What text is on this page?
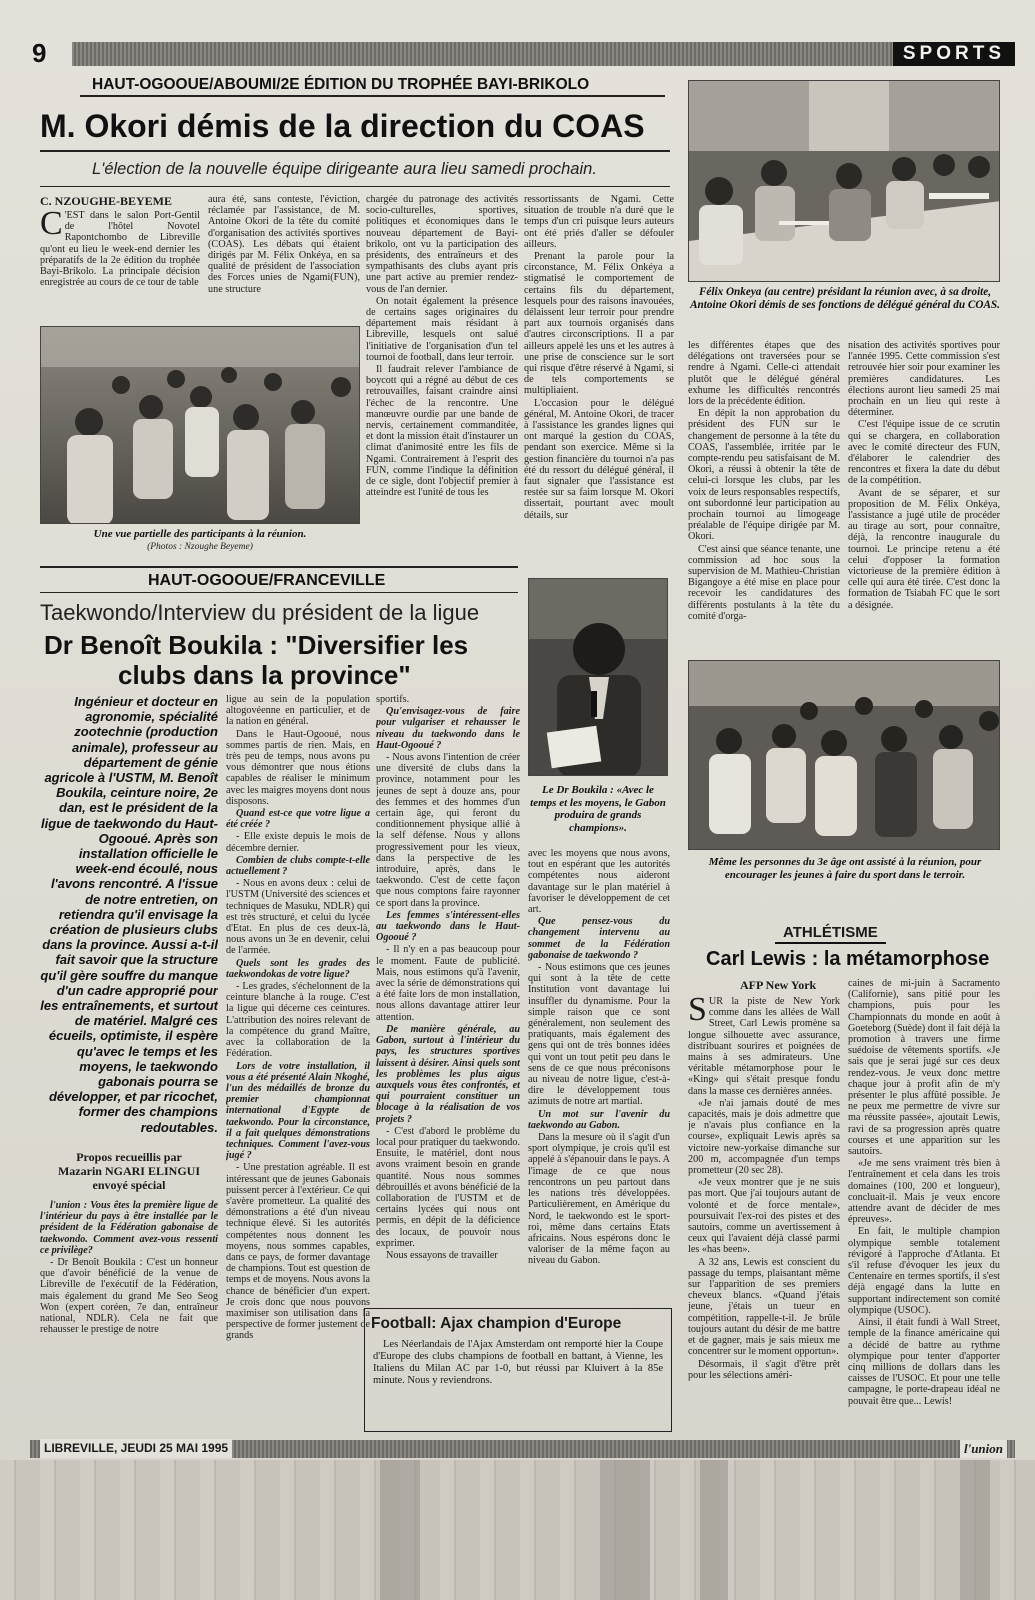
9	SPORTS
HAUT-OGOOUE/ABOUMI/2E ÉDITION DU TROPHÉE BAYI-BRIKOLO
M. Okori démis de la direction du COAS
L'élection de la nouvelle équipe dirigeante aura lieu samedi prochain.
C. NZOUGHE-BEYEME
C 'EST dans le salon Port-Gentil de l'hôtel Novotel Rapontchombo de Libreville qu'ont eu lieu le week-end dernier les préparatifs de la 2e édition du trophée Bayi-Brikolo. La principale décision enregistrée au cours de ce tour de table

aura été, sans conteste, l'éviction, réclamée par l'assistance, de M. Antoine Okori de la tête du comité d'organisation des activités sportives (COAS). Les débats qui étaient dirigés par M. Félix Onkéya, en sa qualité de président de l'association des Forces unies de Ngami(FUN), une structure

Une vue partielle des participants à la réunion.
(Photos : Nzoughe Beyeme)

chargée du patronage des activités socio-culturelles, sportives, politiques et économiques dans le nouveau département de Bayi-brikolo, ont vu la participation des présidents, des entraîneurs et des sympathisants des clubs ayant pris une part active au premier rendez-vous de l'an dernier.

On notait également la présence de certains sages originaires du département mais résidant à Libreville, lesquels ont salué l'initiative de l'organisation d'un tel tournoi de football, dans leur terroir.

Il faudrait relever l'ambiance de boycott qui a régné au début de ces retrouvailles, faisant craindre ainsi l'échec de la rencontre. Une manœuvre ourdie par une bande de nervis, certainement commanditée, et dont la mission était d'instaurer un climat d'animosité entre les fils de Ngami. Contrairement à l'esprit des FUN, comme l'indique la définition de ce sigle, dont l'objectif premier à atteindre est l'unité de tous les

ressortissants de Ngami. Cette situation de trouble n'a duré que le temps d'un cri puisque leurs auteurs ont été priés d'aller se défouler ailleurs.

Prenant la parole pour la circonstance, M. Félix Onkéya a stigmatisé le comportement de certains fils du département, lesquels pour des raisons inavouées, délaissent leur terroir pour prendre part aux tournois organisés dans d'autres circonscriptions. Il a par ailleurs appelé les uns et les autres à une prise de conscience sur le sort qui risque d'être réservé à Ngami, si de tels comportements se multipliaient.

L'occasion pour le délégué général, M. Antoine Okori, de tracer à l'assistance les grandes lignes qui ont marqué la gestion du COAS, pendant son exercice. Même si la gestion financière du tournoi n'a pas été du ressort du délégué général, il faut signaler que l'assistance est restée sur sa faim lorsque M. Okori dissertait, pourtant avec moult détails, sur

Félix Onkeya (au centre) présidant la réunion avec, à sa droite, Antoine Okori démis de ses fonctions de délégué général du COAS.

les différentes étapes que des délégations ont traversées pour se rendre à Ngami. Celle-ci attendait plutôt que le délégué général exhume les difficultés rencontrés lors de la précédente édition.

En dépit la non approbation du président des FUN sur le changement de personne à la tête du COAS, l'assemblée, irritée par le compte-rendu peu satisfaisant de M. Okori, a réussi à obtenir la tête de celui-ci lorsque les clubs, par les voix de leurs responsables respectifs, ont subordonné leur participation au prochain tournoi au limogeage préalable de l'équipe dirigée par M. Okori.

C'est ainsi que séance tenante, une commission ad hoc sous la supervision de M. Mathieu-Christian Bigangoye a été mise en place pour recevoir les candidatures des différents postulants à la tête du comité d'orga-

nisation des activités sportives pour l'année 1995. Cette commission s'est retrouvée hier soir pour examiner les premières candidatures. Les élections auront lieu samedi 25 mai prochain en un lieu qui reste à déterminer.

C'est l'équipe issue de ce scrutin qui se chargera, en collaboration avec le comité directeur des FUN, d'élaborer le calendrier des rencontres et fixera la date du début de la compétition.

Avant de se séparer, et sur proposition de M. Félix Onkéya, l'assistance a jugé utile de procéder au tirage au sort, pour connaître, déjà, la rencontre inaugurale du tournoi. Le principe retenu a été celui d'opposer la formation victorieuse de la première édition à celle qui aura été tirée. C'est donc la formation de Tsiabah FC que le sort a désignée.

Même les personnes du 3e âge ont assisté à la réunion, pour encourager les jeunes à faire du sport dans le terroir.
HAUT-OGOOUE/FRANCEVILLE
Taekwondo/Interview du président de la ligue
Dr Benoît Boukila : "Diversifier les
clubs dans la province"
Ingénieur et docteur en agronomie, spécialité zootechnie (production animale), professeur au département de génie agricole à l'USTM, M. Benoît Boukila, ceinture noire, 2e dan, est le président de la ligue de taekwondo du Haut-Ogooué. Après son installation officielle le week-end écoulé, nous l'avons rencontré. A l'issue de notre entretien, on retiendra qu'il envisage la création de plusieurs clubs dans la province. Aussi a-t-il fait savoir que la structure qu'il gère souffre du manque d'un cadre approprié pour les entraînements, et surtout de matériel. Malgré ces écueils, optimiste, il espère qu'avec le temps et les moyens, le taekwondo gabonais pourra se développer, et par ricochet, former des champions redoutables.
Propos recueillis par
Mazarin NGARI ELINGUI
envoyé spécial

l'union : Vous êtes la première ligue de l'intérieur du pays à être installée par le président de la Fédération gabonaise de taekwondo. Comment avez-vous ressenti ce privilège?

- Dr Benoît Boukila : C'est un honneur que d'avoir bénéficié de la venue de Libreville de l'exécutif de la Fédération, mais également du grand Me Seo Seog Won (expert coréen, 7e dan, entraîneur national, NDLR). Cela ne fait que rehausser le prestige de notre

ligue au sein de la population altogovéenne en particulier, et de la nation en général.

Dans le Haut-Ogooué, nous sommes partis de rien. Mais, en très peu de temps, nous avons pu vous démontrer que nous étions capables de réaliser le minimum avec les maigres moyens dont nous disposons.

Quand est-ce que votre ligue a été créée ?

- Elle existe depuis le mois de décembre dernier.

Combien de clubs compte-t-elle actuellement ?

- Nous en avons deux : celui de l'USTM (Université des sciences et techniques de Masuku, NDLR) qui est très structuré, et celui du lycée d'Etat. En plus de ces deux-là, nous avons un 3e en devenir, celui de l'armée.

Quels sont les grades des taekwondokas de votre ligue?

- Les grades, s'échelonnent de la ceinture blanche à la rouge. C'est la ligue qui décerne ces ceintures. L'attribution des noires relevant de la compétence du grand Maître, avec la collaboration de la Fédération.

Lors de votre installation, il vous a été présenté Alain Nkoghé, l'un des médaillés de bronze du premier championnat international d'Egypte de taekwondo. Pour la circonstance, il a fait quelques démonstrations techniques. Comment l'avez-vous jugé ?

- Une prestation agréable. Il est intéressant que de jeunes Gabonais puissent percer à l'extérieur. Ce qui s'avère prometteur. La qualité des démonstrations a été d'un niveau technique élevé. Si les autorités compétentes nous donnent les moyens, nous sommes capables, dans ce pays, de former davantage de champions. Tout est question de temps et de moyens. Nous avons la chance de bénéficier d'un expert. Je crois donc que nous pouvons maximiser son utilisation dans la perspective de former justement de grands

sportifs.

Qu'envisagez-vous de faire pour vulgariser et rehausser le niveau du taekwondo dans le Haut-Ogooué ?

- Nous avons l'intention de créer une diversité de clubs dans la province, notamment pour les jeunes de sept à douze ans, pour des femmes et des hommes d'un certain âge, qui feront du conditionnement physique allié à la self défense. Nous y allons progressivement pour les vieux, dans la perspective de les introduire, après, dans le taekwondo. C'est de cette façon que nous comptons faire rayonner ce sport dans la province.

Les femmes s'intéressent-elles au taekwondo dans le Haut-Ogooué ?

- Il n'y en a pas beaucoup pour le moment. Faute de publicité. Mais, nous estimons qu'à l'avenir, avec la série de démonstrations qui a été faite lors de mon installation, nous allons davantage attirer leur attention.

De manière générale, au Gabon, surtout à l'intérieur du pays, les structures sportives laissent à désirer. Ainsi quels sont les problèmes les plus aigus auxquels vous êtes confrontés, et qui pourraient constituer un blocage à la réalisation de vos projets ?

- C'est d'abord le problème du local pour pratiquer du taekwondo. Ensuite, le matériel, dont nous avons vraiment besoin en grande quantité. Nous nous sommes débrouillés et avons bénéficié de la collaboration de l'USTM et de certains lycées qui nous ont permis, en dépit de la déficience des locaux, de pouvoir nous exprimer.

Nous essayons de travailler

Le Dr Boukila : «Avec le temps et les moyens, le Gabon produira de grands champions».

avec les moyens que nous avons, tout en espérant que les autorités compétentes nous aideront davantage sur le plan matériel à favoriser le développement de cet art.

Que pensez-vous du changement intervenu au sommet de la Fédération gabonaise de taekwondo ?

- Nous estimons que ces jeunes qui sont à la tête de cette Institution vont davantage lui insuffler du dynamisme. Pour la simple raison que ce sont généralement, non seulement des pratiquants, mais également des gens qui ont de très bonnes idées qui vont un tout petit peu dans le sens de ce que nous préconisons au niveau de notre ligue, c'est-à-dire le développement tous azimuts de notre art martial.

Un mot sur l'avenir du taekwondo au Gabon.

Dans la mesure où il s'agit d'un sport olympique, je crois qu'il est appelé à s'épanouir dans le pays. A l'image de ce que nous rencontrons un peu partout dans les nations très développées. Particulièrement, en Amérique du Nord, le taekwondo est le sport-roi, même dans certains Etats africains. Nous espérons donc le valoriser de la même façon au niveau du Gabon.

Football: Ajax champion d'Europe
Les Néerlandais de l'Ajax Amsterdam ont remporté hier la Coupe d'Europe des clubs champions de football en battant, à Vienne, les Italiens du Milan AC par 1-0, but réussi par Kluivert à la 85e minute. Nous y reviendrons.
ATHLÉTISME
Carl Lewis : la métamorphose
AFP New York

SUR la piste de New York comme dans les allées de Wall Street, Carl Lewis promène sa longue silhouette avec assurance, distribuant sourires et poignées de mains à ses admirateurs. Une véritable métamorphose pour le «King» qui s'était presque fondu dans la masse ces dernières années.

«Je n'ai jamais douté de mes capacités, mais je dois admettre que je n'avais plus confiance en la course», expliquait Lewis après sa victoire new-yorkaise dimanche sur 200 m, accompagnée d'un temps prometteur (20 sec 28).

«Je veux montrer que je ne suis pas mort. Que j'ai toujours autant de volonté et de force mentale», poursuivait l'ex-roi des pistes et des sautoirs, comme un avertissement à ceux qui l'avaient déjà classé parmi les «has been».

A 32 ans, Lewis est conscient du passage du temps, plaisantant même sur l'apparition de ses premiers cheveux blancs. «Quand j'étais jeune, j'étais un tueur en compétition, rappelle-t-il. Je brûle toujours autant du désir de me battre et de gagner, mais je sais mieux me concentrer sur le moment opportun».

Désormais, il s'agit d'être prêt pour les sélections améri-

caines de mi-juin à Sacramento (Californie), sans pitié pour les champions, puis pour les Championnats du monde en août à Goeteborg (Suède) dont il fait déjà la promotion à travers une firme suédoise de vêtements sportifs. «Je sais que je serai jugé sur ces deux rendez-vous. Je veux donc mettre chaque jour à profit afin de m'y présenter le plus affûté possible. Je ne peux me permettre de vivre sur ma réussite passée», ajoutait Lewis, ravi de sa progression après quatre courses et une apparition sur les sautoirs.

«Je me sens vraiment très bien à l'entraînement et cela dans les trois domaines (100, 200 et longueur), concluait-il. Mais je veux encore attendre avant de décider de mes épreuves».

En fait, le multiple champion olympique semble totalement révigoré à l'approche d'Atlanta. Et s'il refuse d'évoquer les jeux du Centenaire en termes sportifs, il s'est déjà engagé dans la lutte en supportant indirectement son comité olympique (USOC).

Ainsi, il était fundi à Wall Street, temple de la finance américaine qui a décidé de battre au rythme olympique pour tenter d'apporter cinq millions de dollars dans les caisses de l'USOC. Et pour une telle campagne, le porte-drapeau idéal ne pouvait être que... Lewis!

LIBREVILLE, JEUDI 25 MAI 1995	l'union
